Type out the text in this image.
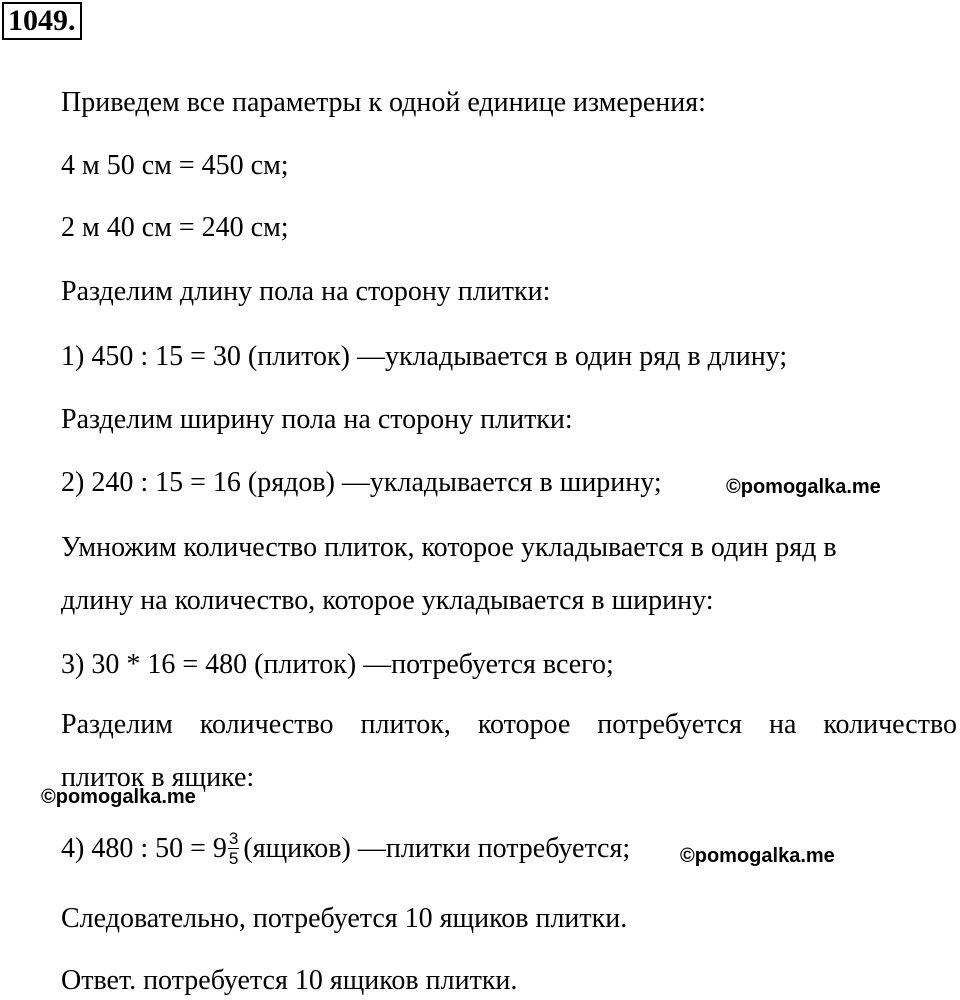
1049.
Приведем все параметры к одной единице измерения:
4 м 50 см = 450 см;
2 м 40 см = 240 см;
Разделим длину пола на сторону плитки:
1) 450 : 15 = 30 (плиток) —укладывается в один ряд в длину;
Разделим ширину пола на сторону плитки:
2) 240 : 15 = 16 (рядов) —укладывается в ширину;	©pomogalka.me
Умножим количество плиток, которое укладывается в один ряд в
длину на количество, которое укладывается в ширину:
3) 30 * 16 = 480 (плиток) —потребуется всего;
Разделим количество плиток, которое потребуется на количество
плиток в ящике:
©pomogalka.me
4) 480 : $50 = 9 \frac{3}{5}$ (ящиков) —плитки потребуется; ©pomogalka.me
Следовательно, потребуется 10 ящиков плитки.
Ответ. потребуется 10 ящиков плитки.
